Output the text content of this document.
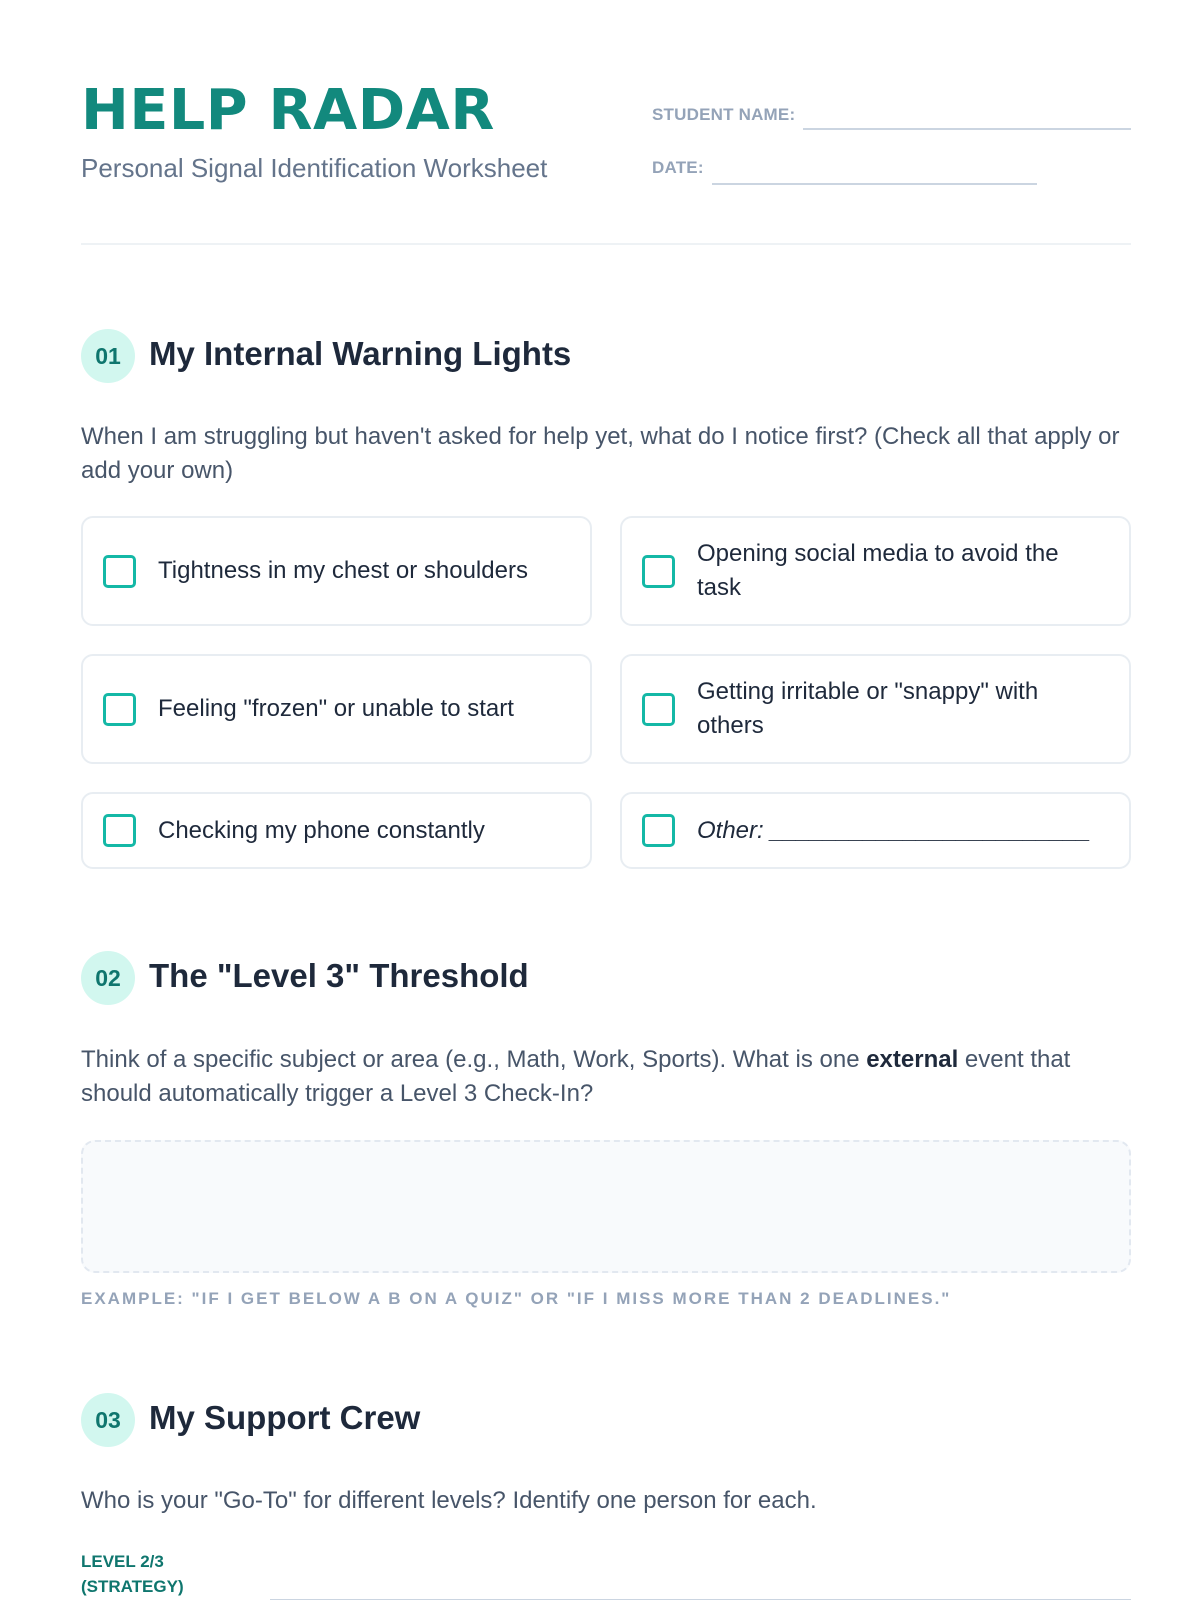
HELP RADAR
Personal Signal Identification Worksheet
STUDENT NAME:
DATE:
01 My Internal Warning Lights
When I am struggling but haven't asked for help yet, what do I notice first? (Check all that apply or add your own)
Tightness in my chest or shoulders
Opening social media to avoid the task
Feeling "frozen" or unable to start
Getting irritable or "snappy" with others
Checking my phone constantly	Other: ________________________
02 The "Level 3" Threshold
Think of a specific subject or area (e.g., Math, Work, Sports). What is one external event that should automatically trigger a Level 3 Check-In?
EXAMPLE: "IF I GET BELOW A B ON A QUIZ" OR "IF I MISS MORE THAN 2 DEADLINES."
03 My Support Crew
Who is your "Go-To" for different levels? Identify one person for each.
LEVEL 2/3
(STRATEGY)
